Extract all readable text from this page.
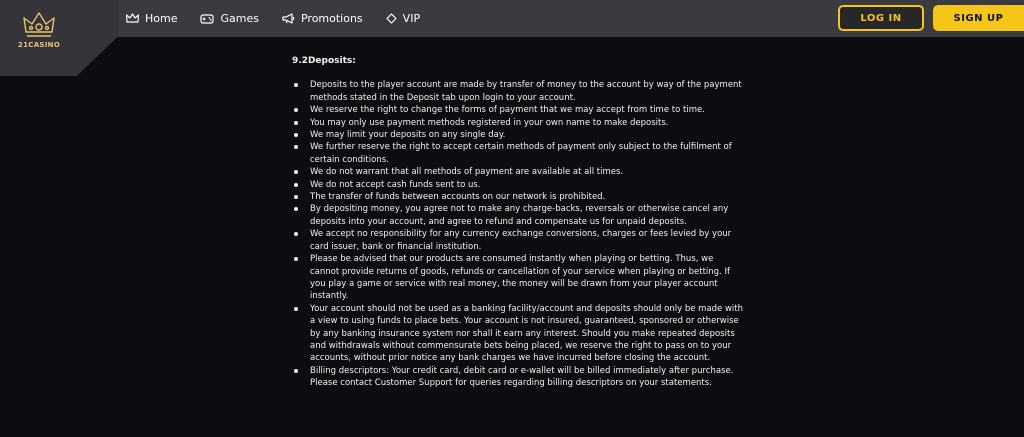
21CASINO
Home	Games	Promotions	VIP	LOG IN	SIGN UP
9.2Deposits:
Deposits to the player account are made by transfer of money to the account by way of the payment methods stated in the Deposit tab upon login to your account.
We reserve the right to change the forms of payment that we may accept from time to time.
You may only use payment methods registered in your own name to make deposits.
We may limit your deposits on any single day.
We further reserve the right to accept certain methods of payment only subject to the fulfilment of certain conditions.
We do not warrant that all methods of payment are available at all times.
We do not accept cash funds sent to us.
The transfer of funds between accounts on our network is prohibited.
By depositing money, you agree not to make any charge-backs, reversals or otherwise cancel any deposits into your account, and agree to refund and compensate us for unpaid deposits.
We accept no responsibility for any currency exchange conversions, charges or fees levied by your card issuer, bank or financial institution.
Please be advised that our products are consumed instantly when playing or betting. Thus, we cannot provide returns of goods, refunds or cancellation of your service when playing or betting. If you play a game or service with real money, the money will be drawn from your player account instantly.
Your account should not be used as a banking facility/account and deposits should only be made with a view to using funds to place bets. Your account is not insured, guaranteed, sponsored or otherwise by any banking insurance system nor shall it earn any interest. Should you make repeated deposits and withdrawals without commensurate bets being placed, we reserve the right to pass on to your accounts, without prior notice any bank charges we have incurred before closing the account.
Billing descriptors: Your credit card, debit card or e-wallet will be billed immediately after purchase. Please contact Customer Support for queries regarding billing descriptors on your statements.
